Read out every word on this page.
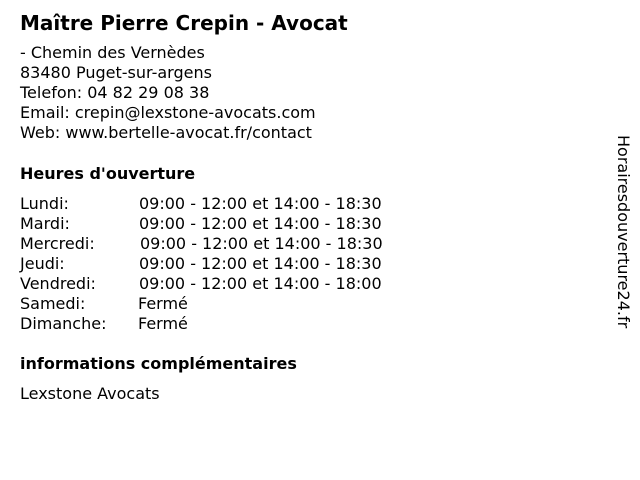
Maître Pierre Crepin - Avocat
- Chemin des Vernèdes
83480 Puget-sur-argens
Telefon: 04 82 29 08 38
Email: crepin@lexstone-avocats.com
Web: www.bertelle-avocat.fr/contact
Heures d'ouverture
Lundi:	09:00 - 12:00 et 14:00 - 18:30
Mardi:	09:00 - 12:00 et 14:00 - 18:30
Mercredi:	09:00 - 12:00 et 14:00 - 18:30
Jeudi:	09:00 - 12:00 et 14:00 - 18:30
Vendredi:	09:00 - 12:00 et 14:00 - 18:00
Samedi:	Fermé
Dimanche: Fermé
informations complémentaires
Lexstone Avocats
Horairesdouverture24.fr
